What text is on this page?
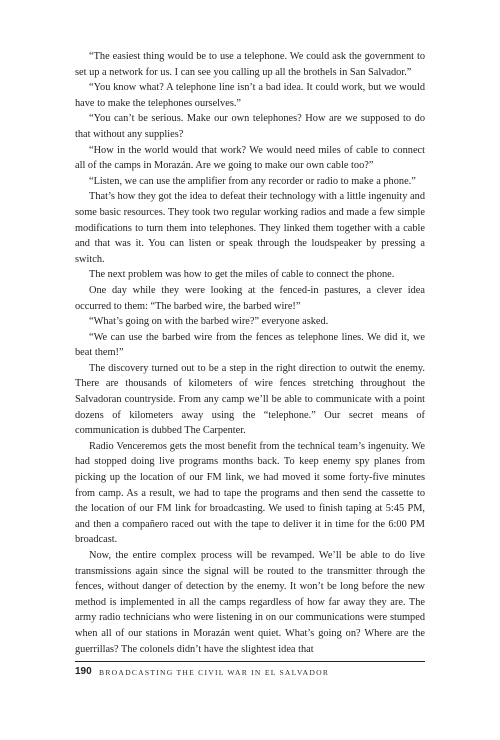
“The easiest thing would be to use a telephone. We could ask the government to set up a network for us. I can see you calling up all the brothels in San Salvador.”

“You know what? A telephone line isn’t a bad idea. It could work, but we would have to make the telephones ourselves.”

“You can’t be serious. Make our own telephones? How are we supposed to do that without any supplies?

“How in the world would that work? We would need miles of cable to connect all of the camps in Morazán. Are we going to make our own cable too?”

“Listen, we can use the amplifier from any recorder or radio to make a phone.”

That’s how they got the idea to defeat their technology with a little ingenuity and some basic resources. They took two regular working radios and made a few simple modifications to turn them into telephones. They linked them together with a cable and that was it. You can listen or speak through the loudspeaker by pressing a switch.

The next problem was how to get the miles of cable to connect the phone.

One day while they were looking at the fenced-in pastures, a clever idea occurred to them: “The barbed wire, the barbed wire!”

“What’s going on with the barbed wire?” everyone asked.

“We can use the barbed wire from the fences as telephone lines. We did it, we beat them!”

The discovery turned out to be a step in the right direction to outwit the enemy. There are thousands of kilometers of wire fences stretching throughout the Salvadoran countryside. From any camp we’ll be able to communicate with a point dozens of kilometers away using the “telephone.” Our secret means of communication is dubbed The Carpenter.

Radio Venceremos gets the most benefit from the technical team’s ingenuity. We had stopped doing live programs months back. To keep enemy spy planes from picking up the location of our FM link, we had moved it some forty-five minutes from camp. As a result, we had to tape the programs and then send the cassette to the location of our FM link for broadcasting. We used to finish taping at 5:45 PM, and then a compañero raced out with the tape to deliver it in time for the 6:00 PM broadcast.

Now, the entire complex process will be revamped. We’ll be able to do live transmissions again since the signal will be routed to the transmitter through the fences, without danger of detection by the enemy. It won’t be long before the new method is implemented in all the camps regardless of how far away they are. The army radio technicians who were listening in on our communications were stumped when all of our stations in Morazán went quiet. What’s going on? Where are the guerrillas? The colonels didn’t have the slightest idea that

190 BROADCASTING THE CIVIL WAR IN EL SALVADOR
